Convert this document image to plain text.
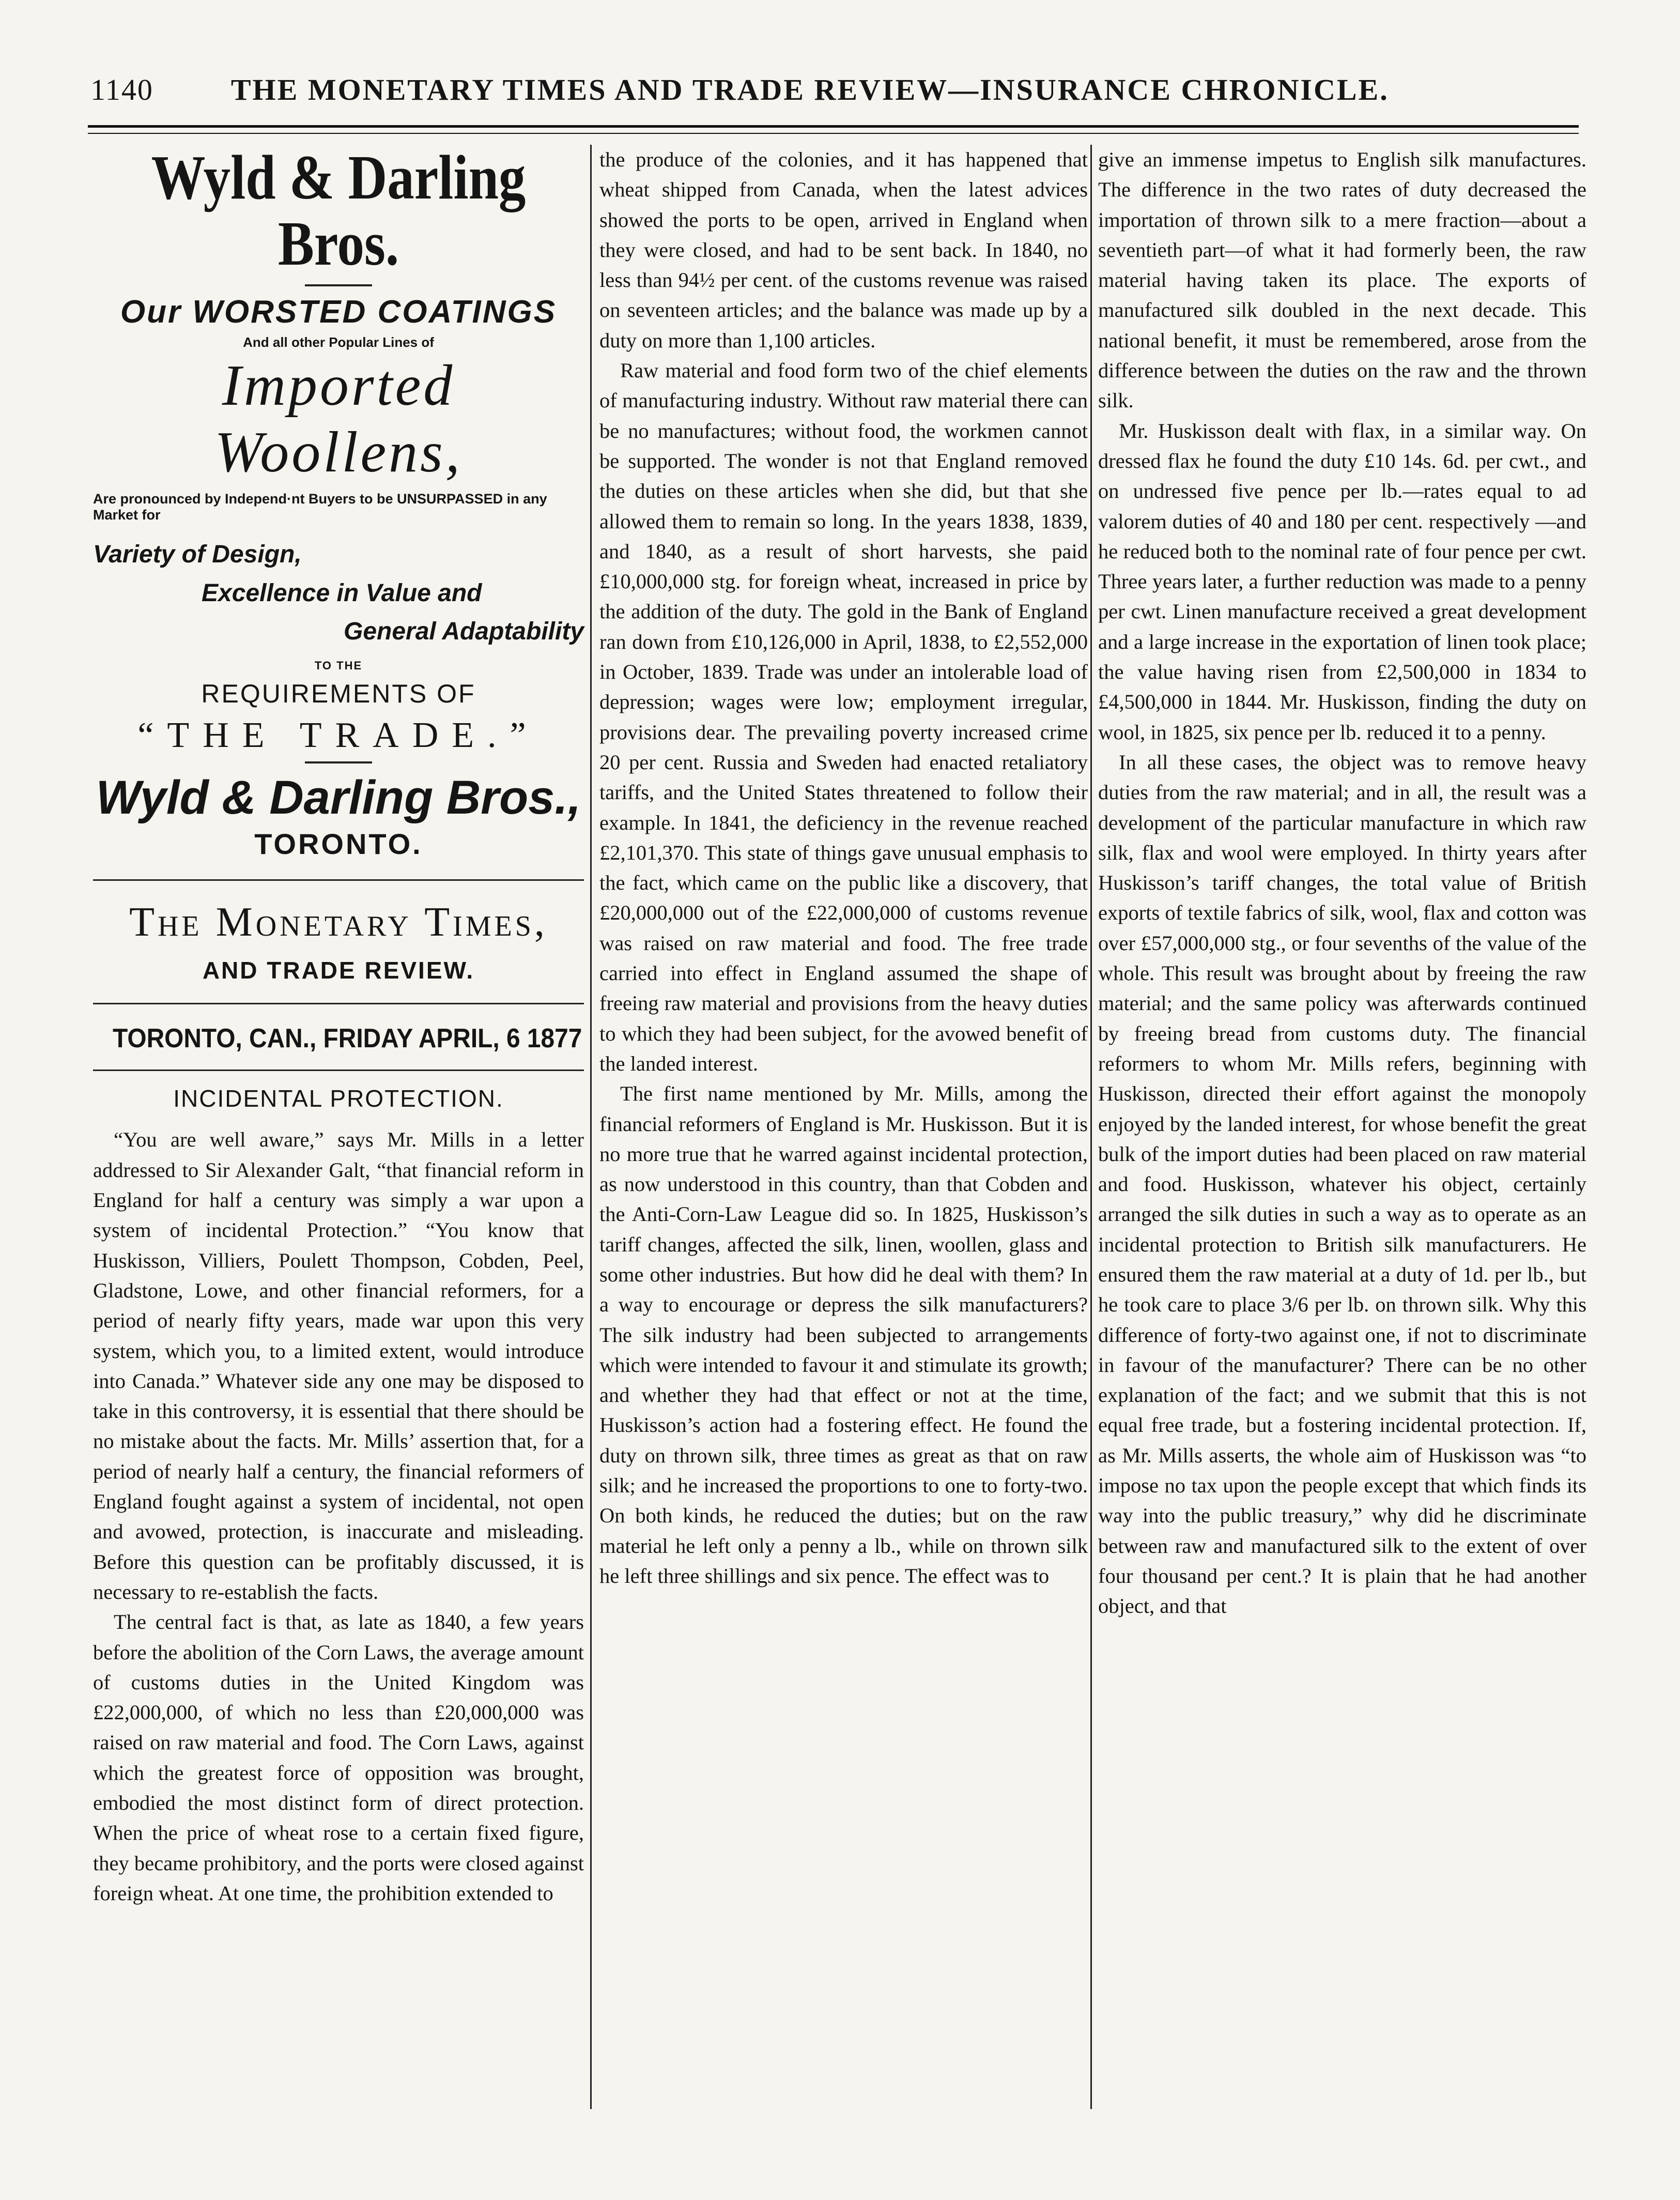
1140	THE MONETARY TIMES AND TRADE REVIEW—INSURANCE CHRONICLE.
Wyld & Darling Bros.
Our WORSTED COATINGS
And all other Popular Lines of
Imported Woollens,
Are pronounced by Independ·nt Buyers to be UNSURPASSED in any Market for
Variety of Design,
Excellence in Value and
General Adaptability
TO THE
REQUIREMENTS OF
“THE TRADE.”
Wyld & Darling Bros.,
TORONTO.
The Monetary Times,
AND TRADE REVIEW.
TORONTO, CAN., FRIDAY APRIL, 6 1877
INCIDENTAL PROTECTION.

“You are well aware,” says Mr. Mills in a letter addressed to Sir Alexander Galt, “that financial reform in England for half a century was simply a war upon a system of incidental Protection.” “You know that Huskisson, Villiers, Poulett Thompson, Cobden, Peel, Gladstone, Lowe, and other financial reformers, for a period of nearly fifty years, made war upon this very system, which you, to a limited extent, would introduce into Canada.” Whatever side any one may be disposed to take in this controversy, it is essential that there should be no mistake about the facts. Mr. Mills’ assertion that, for a period of nearly half a century, the financial reformers of England fought against a system of incidental, not open and avowed, protection, is inaccurate and misleading. Before this question can be profitably discussed, it is necessary to re-establish the facts.

The central fact is that, as late as 1840, a few years before the abolition of the Corn Laws, the average amount of customs duties in the United Kingdom was £22,000,000, of which no less than £20,000,000 was raised on raw material and food. The Corn Laws, against which the greatest force of opposition was brought, embodied the most distinct form of direct protection. When the price of wheat rose to a certain fixed figure, they became prohibitory, and the ports were closed against foreign wheat. At one time, the prohibition extended to

the produce of the colonies, and it has happened that wheat shipped from Canada, when the latest advices showed the ports to be open, arrived in England when they were closed, and had to be sent back. In 1840, no less than 94½ per cent. of the customs revenue was raised on seventeen articles; and the balance was made up by a duty on more than 1,100 articles.

Raw material and food form two of the chief elements of manufacturing industry. Without raw material there can be no manufactures; without food, the workmen cannot be supported. The wonder is not that England removed the duties on these articles when she did, but that she allowed them to remain so long. In the years 1838, 1839, and 1840, as a result of short harvests, she paid £10,000,000 stg. for foreign wheat, increased in price by the addition of the duty. The gold in the Bank of England ran down from £10,126,000 in April, 1838, to £2,552,000 in October, 1839. Trade was under an intolerable load of depression; wages were low; employment irregular, provisions dear. The prevailing poverty increased crime 20 per cent. Russia and Sweden had enacted retaliatory tariffs, and the United States threatened to follow their example. In 1841, the deficiency in the revenue reached £2,101,370. This state of things gave unusual emphasis to the fact, which came on the public like a discovery, that £20,000,000 out of the £22,000,000 of customs revenue was raised on raw material and food. The free trade carried into effect in England assumed the shape of freeing raw material and provisions from the heavy duties to which they had been subject, for the avowed benefit of the landed interest.

The first name mentioned by Mr. Mills, among the financial reformers of England is Mr. Huskisson. But it is no more true that he warred against incidental protection, as now understood in this country, than that Cobden and the Anti-Corn-Law League did so. In 1825, Huskisson’s tariff changes, affected the silk, linen, woollen, glass and some other industries. But how did he deal with them? In a way to encourage or depress the silk manufacturers? The silk industry had been subjected to arrangements which were intended to favour it and stimulate its growth; and whether they had that effect or not at the time, Huskisson’s action had a fostering effect. He found the duty on thrown silk, three times as great as that on raw silk; and he increased the proportions to one to forty-two. On both kinds, he reduced the duties; but on the raw material he left only a penny a lb., while on thrown silk he left three shillings and six pence. The effect was to

give an immense impetus to English silk manufactures. The difference in the two rates of duty decreased the importation of thrown silk to a mere fraction—about a seventieth part—of what it had formerly been, the raw material having taken its place. The exports of manufactured silk doubled in the next decade. This national benefit, it must be remembered, arose from the difference between the duties on the raw and the thrown silk.

Mr. Huskisson dealt with flax, in a similar way. On dressed flax he found the duty £10 14s. 6d. per cwt., and on undressed five pence per lb.—rates equal to ad valorem duties of 40 and 180 per cent. respectively —and he reduced both to the nominal rate of four pence per cwt. Three years later, a further reduction was made to a penny per cwt. Linen manufacture received a great development and a large increase in the exportation of linen took place; the value having risen from £2,500,000 in 1834 to £4,500,000 in 1844. Mr. Huskisson, finding the duty on wool, in 1825, six pence per lb. reduced it to a penny.

In all these cases, the object was to remove heavy duties from the raw material; and in all, the result was a development of the particular manufacture in which raw silk, flax and wool were employed. In thirty years after Huskisson’s tariff changes, the total value of British exports of textile fabrics of silk, wool, flax and cotton was over £57,000,000 stg., or four sevenths of the value of the whole. This result was brought about by freeing the raw material; and the same policy was afterwards continued by freeing bread from customs duty. The financial reformers to whom Mr. Mills refers, beginning with Huskisson, directed their effort against the monopoly enjoyed by the landed interest, for whose benefit the great bulk of the import duties had been placed on raw material and food. Huskisson, whatever his object, certainly arranged the silk duties in such a way as to operate as an incidental protection to British silk manufacturers. He ensured them the raw material at a duty of 1d. per lb., but he took care to place 3/6 per lb. on thrown silk. Why this difference of forty-two against one, if not to discriminate in favour of the manufacturer? There can be no other explanation of the fact; and we submit that this is not equal free trade, but a fostering incidental protection. If, as Mr. Mills asserts, the whole aim of Huskisson was “to impose no tax upon the people except that which finds its way into the public treasury,” why did he discriminate between raw and manufactured silk to the extent of over four thousand per cent.? It is plain that he had another object, and that
